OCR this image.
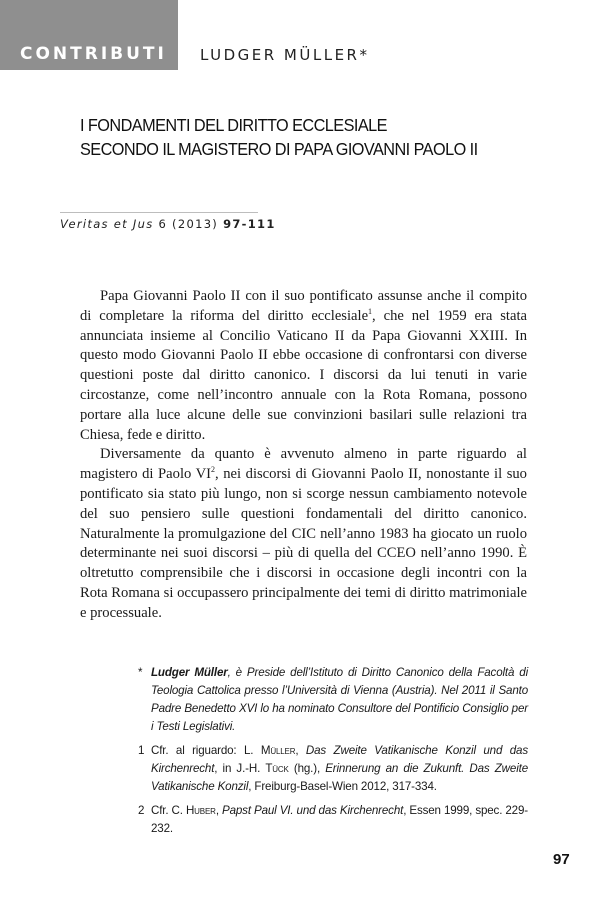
CONTRIBUTI LUDGER MÜLLER*
I FONDAMENTI DEL DIRITTO ECCLESIALE
SECONDO IL MAGISTERO DI PAPA GIOVANNI PAOLO II
Veritas et Jus 6 (2013) 97-111

Papa Giovanni Paolo II con il suo pontificato assunse anche il compito di completare la riforma del diritto ecclesiale$^1$, che nel 1959 era stata annunciata insieme al Concilio Vaticano II da Papa Giovanni XXIII. In questo modo Giovanni Paolo II ebbe occasione di confrontarsi con diverse questioni poste dal diritto canonico. I discorsi da lui tenuti in varie circostanze, come nell’incontro annuale con la Rota Romana, possono portare alla luce alcune delle sue convinzioni basilari sulle relazioni tra Chiesa, fede e diritto.

Diversamente da quanto è avvenuto almeno in parte riguardo al magistero di Paolo $VI^2$, nei discorsi di Giovanni Paolo II, nonostante il suo pontificato sia stato più lungo, non si scorge nessun cambiamento notevole del suo pensiero sulle questioni fondamentali del diritto canonico. Naturalmente la promulgazione del CIC nell’anno 1983 ha giocato un ruolo determinante nei suoi discorsi – più di quella del CCEO nell’anno 1990. È oltretutto comprensibile che i discorsi in occasione degli incontri con la Rota Romana si occupassero principalmente dei temi di diritto matrimoniale e processuale.

* Ludger Müller, è Preside dell’Istituto di Diritto Canonico della Facoltà di Teologia Cattolica presso l’Università di Vienna (Austria). Nel 2011 il Santo Padre Benedetto XVI lo ha nominato Consultore del Pontificio Consiglio per i Testi Legislativi.
1 Cfr. al riguardo: L. Müller, Das Zweite Vatikanische Konzil und das Kirchenrecht, in J.-H. Tück (hg.), Erinnerung an die Zukunft. Das Zweite Vatikanische Konzil, Freiburg-Basel-Wien 2012, 317-334.
2 Cfr. C. Huber, Papst Paul VI. und das Kirchenrecht, Essen 1999, spec. 229-232.
97
